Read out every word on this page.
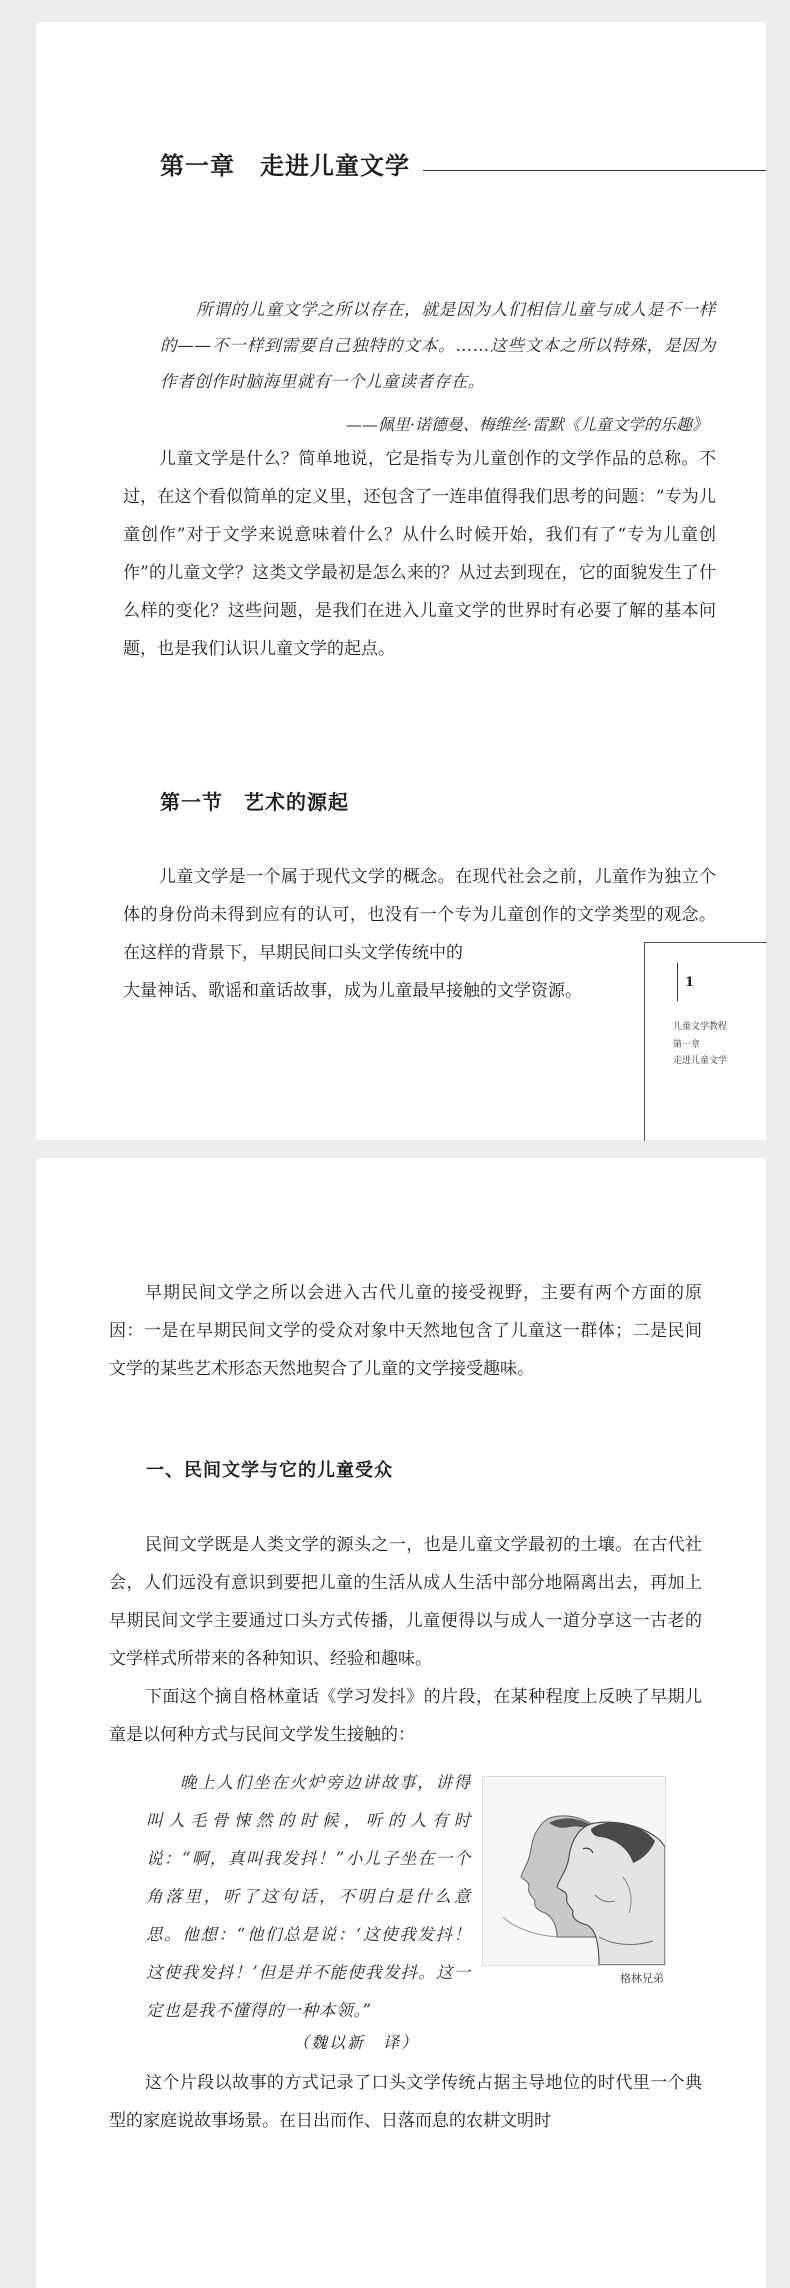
第一章　走进儿童文学
所谓的儿童文学之所以存在，就是因为人们相信儿童与成人是不一样的——不一样到需要自己独特的文本。……这些文本之所以特殊，是因为作者创作时脑海里就有一个儿童读者存在。
——佩里·诺德曼、梅维丝·雷默《儿童文学的乐趣》
儿童文学是什么？简单地说，它是指专为儿童创作的文学作品的总称。不过，在这个看似简单的定义里，还包含了一连串值得我们思考的问题：“专为儿童创作”对于文学来说意味着什么？从什么时候开始，我们有了“专为儿童创作”的儿童文学？这类文学最初是怎么来的？从过去到现在，它的面貌发生了什么样的变化？这些问题，是我们在进入儿童文学的世界时有必要了解的基本问题，也是我们认识儿童文学的起点。
第一节　艺术的源起
儿童文学是一个属于现代文学的概念。在现代社会之前，儿童作为独立个体的身份尚未得到应有的认可，也没有一个专为儿童创作的文学类型的观念。在这样的背景下，早期民间口头文学传统中的
大量神话、歌谣和童话故事，成为儿童最早接触的文学资源。	1
儿童文学教程
第一章
走进儿童文学
早期民间文学之所以会进入古代儿童的接受视野，主要有两个方面的原因：一是在早期民间文学的受众对象中天然地包含了儿童这一群体；二是民间文学的某些艺术形态天然地契合了儿童的文学接受趣味。
一、民间文学与它的儿童受众
民间文学既是人类文学的源头之一，也是儿童文学最初的土壤。在古代社会，人们远没有意识到要把儿童的生活从成人生活中部分地隔离出去，再加上早期民间文学主要通过口头方式传播，儿童便得以与成人一道分享这一古老的文学样式所带来的各种知识、经验和趣味。
下面这个摘自格林童话《学习发抖》的片段，在某种程度上反映了早期儿童是以何种方式与民间文学发生接触的：
晚上人们坐在火炉旁边讲故事，讲得叫人毛骨悚然的时候，听的人有时说：“啊，真叫我发抖！”小儿子坐在一个角落里，听了这句话，不明白是什么意思。他想：“他们总是说：‘这使我发抖！这使我发抖！’但是并不能使我发抖。这一定也是我不懂得的一种本领。”
格林兄弟
（魏以新　译）
这个片段以故事的方式记录了口头文学传统占据主导地位的时代里一个典型的家庭说故事场景。在日出而作、日落而息的农耕文明时
